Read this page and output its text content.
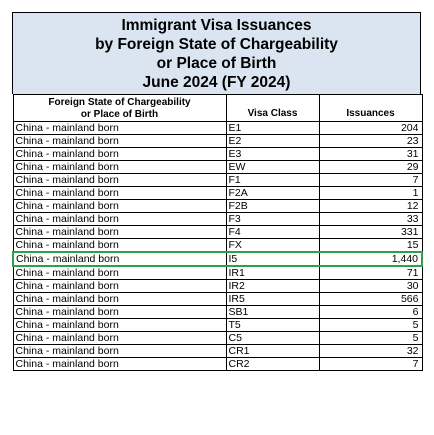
Immigrant Visa Issuances
by Foreign State of Chargeability
or Place of Birth
June 2024 (FY 2024)
Foreign State of Chargeability
or Place of Birth	Visa Class	Issuances
China - mainland born	E1	204
China - mainland born	E2	23
China - mainland born	E3	31
China - mainland born	EW	29
China - mainland born	F1	7
China - mainland born	F2A	1
China - mainland born	F2B	12
China - mainland born	F3	33
China - mainland born	F4	331
China - mainland born	FX	15
China - mainland born	I5	1,440
China - mainland born	IR1	71
China - mainland born	IR2	30
China - mainland born	IR5	566
China - mainland born	SB1	6
China - mainland born	T5	5
China - mainland born	C5	5
China - mainland born	CR1	32
China - mainland born	CR2	7
